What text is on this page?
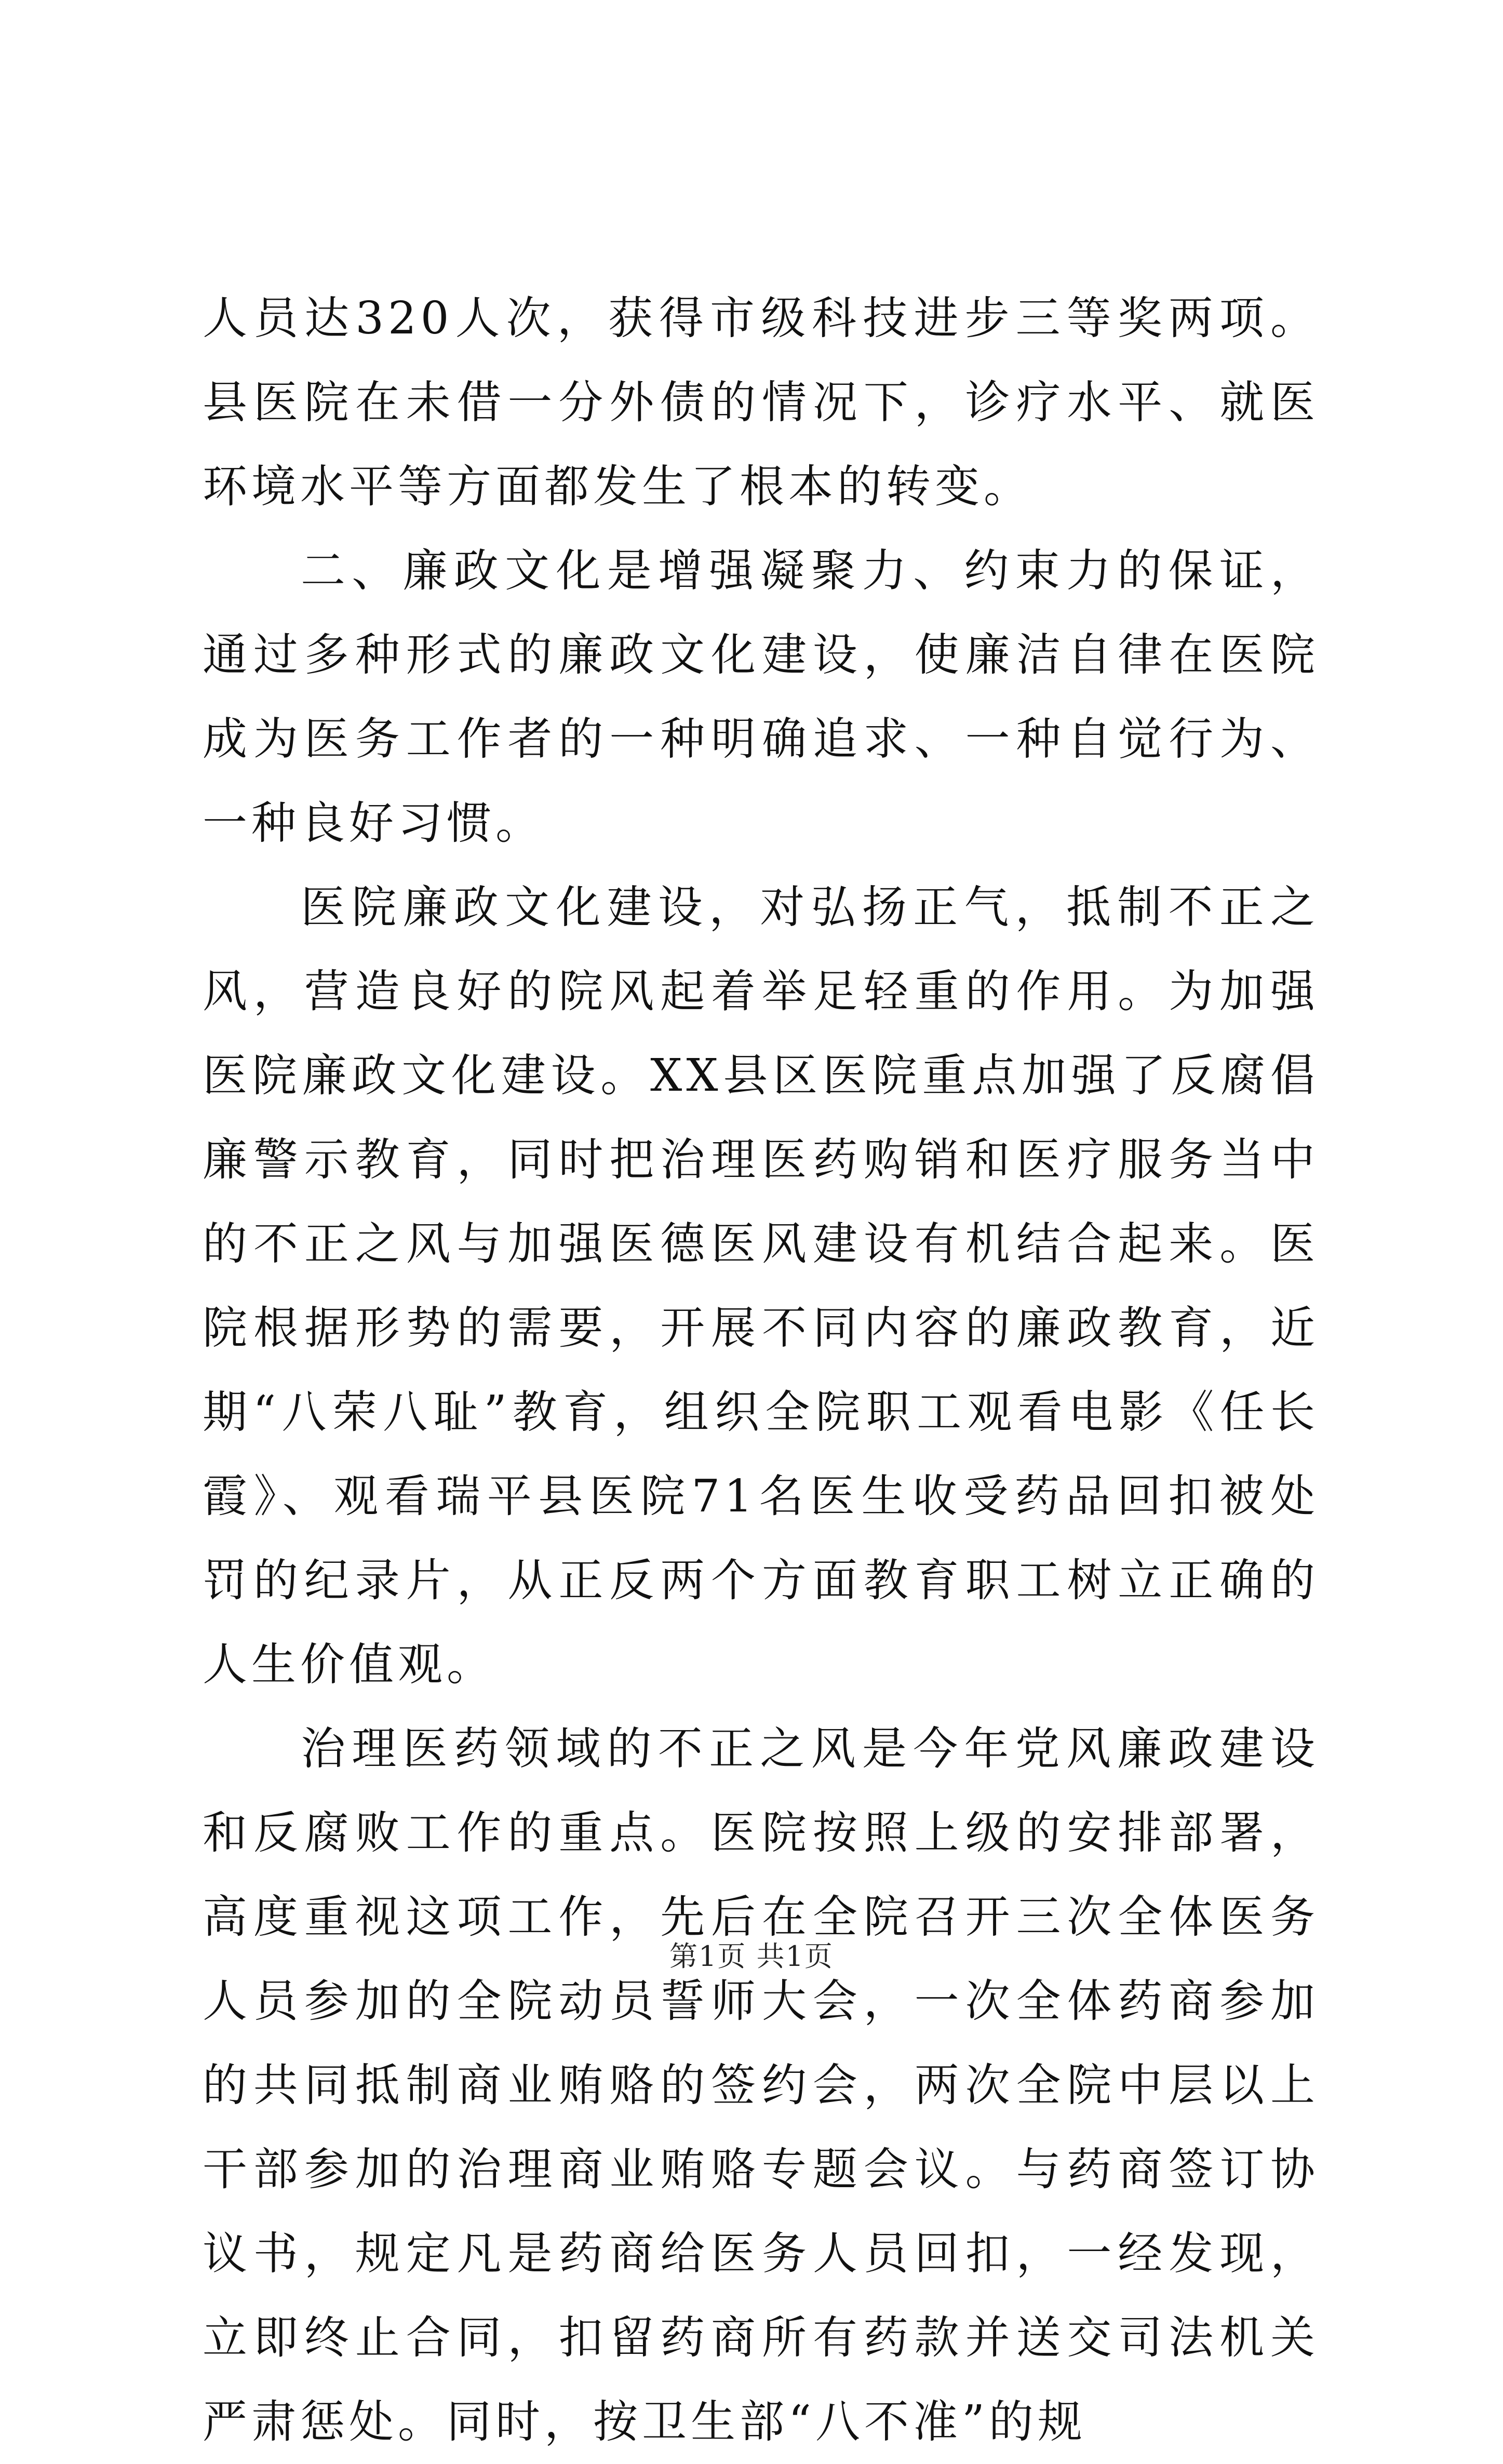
人员达320人次，获得市级科技进步三等奖两项。县医院在未借一分外债的情况下，诊疗水平、就医环境水平等方面都发生了根本的转变。

二、廉政文化是增强凝聚力、约束力的保证，通过多种形式的廉政文化建设，使廉洁自律在医院成为医务工作者的一种明确追求、一种自觉行为、一种良好习惯。

医院廉政文化建设，对弘扬正气，抵制不正之风，营造良好的院风起着举足轻重的作用。为加强医院廉政文化建设。XX县区医院重点加强了反腐倡廉警示教育，同时把治理医药购销和医疗服务当中的不正之风与加强医德医风建设有机结合起来。医院根据形势的需要，开展不同内容的廉政教育，近期“八荣八耻”教育，组织全院职工观看电影《任长霞》、观看瑞平县医院71名医生收受药品回扣被处罚的纪录片，从正反两个方面教育职工树立正确的人生价值观。

治理医药领域的不正之风是今年党风廉政建设和反腐败工作的重点。医院按照上级的安排部署，高度重视这项工作，先后在全院召开三次全体医务人员参加的全院动员誓师大会，一次全体药商参加的共同抵制商业贿赂的签约会，两次全院中层以上干部参加的治理商业贿赂专题会议。与药商签订协议书，规定凡是药商给医务人员回扣，一经发现，立即终止合同，扣留药商所有药款并送交司法机关严肃惩处。同时，按卫生部“八不准”的规

第1页 共1页
